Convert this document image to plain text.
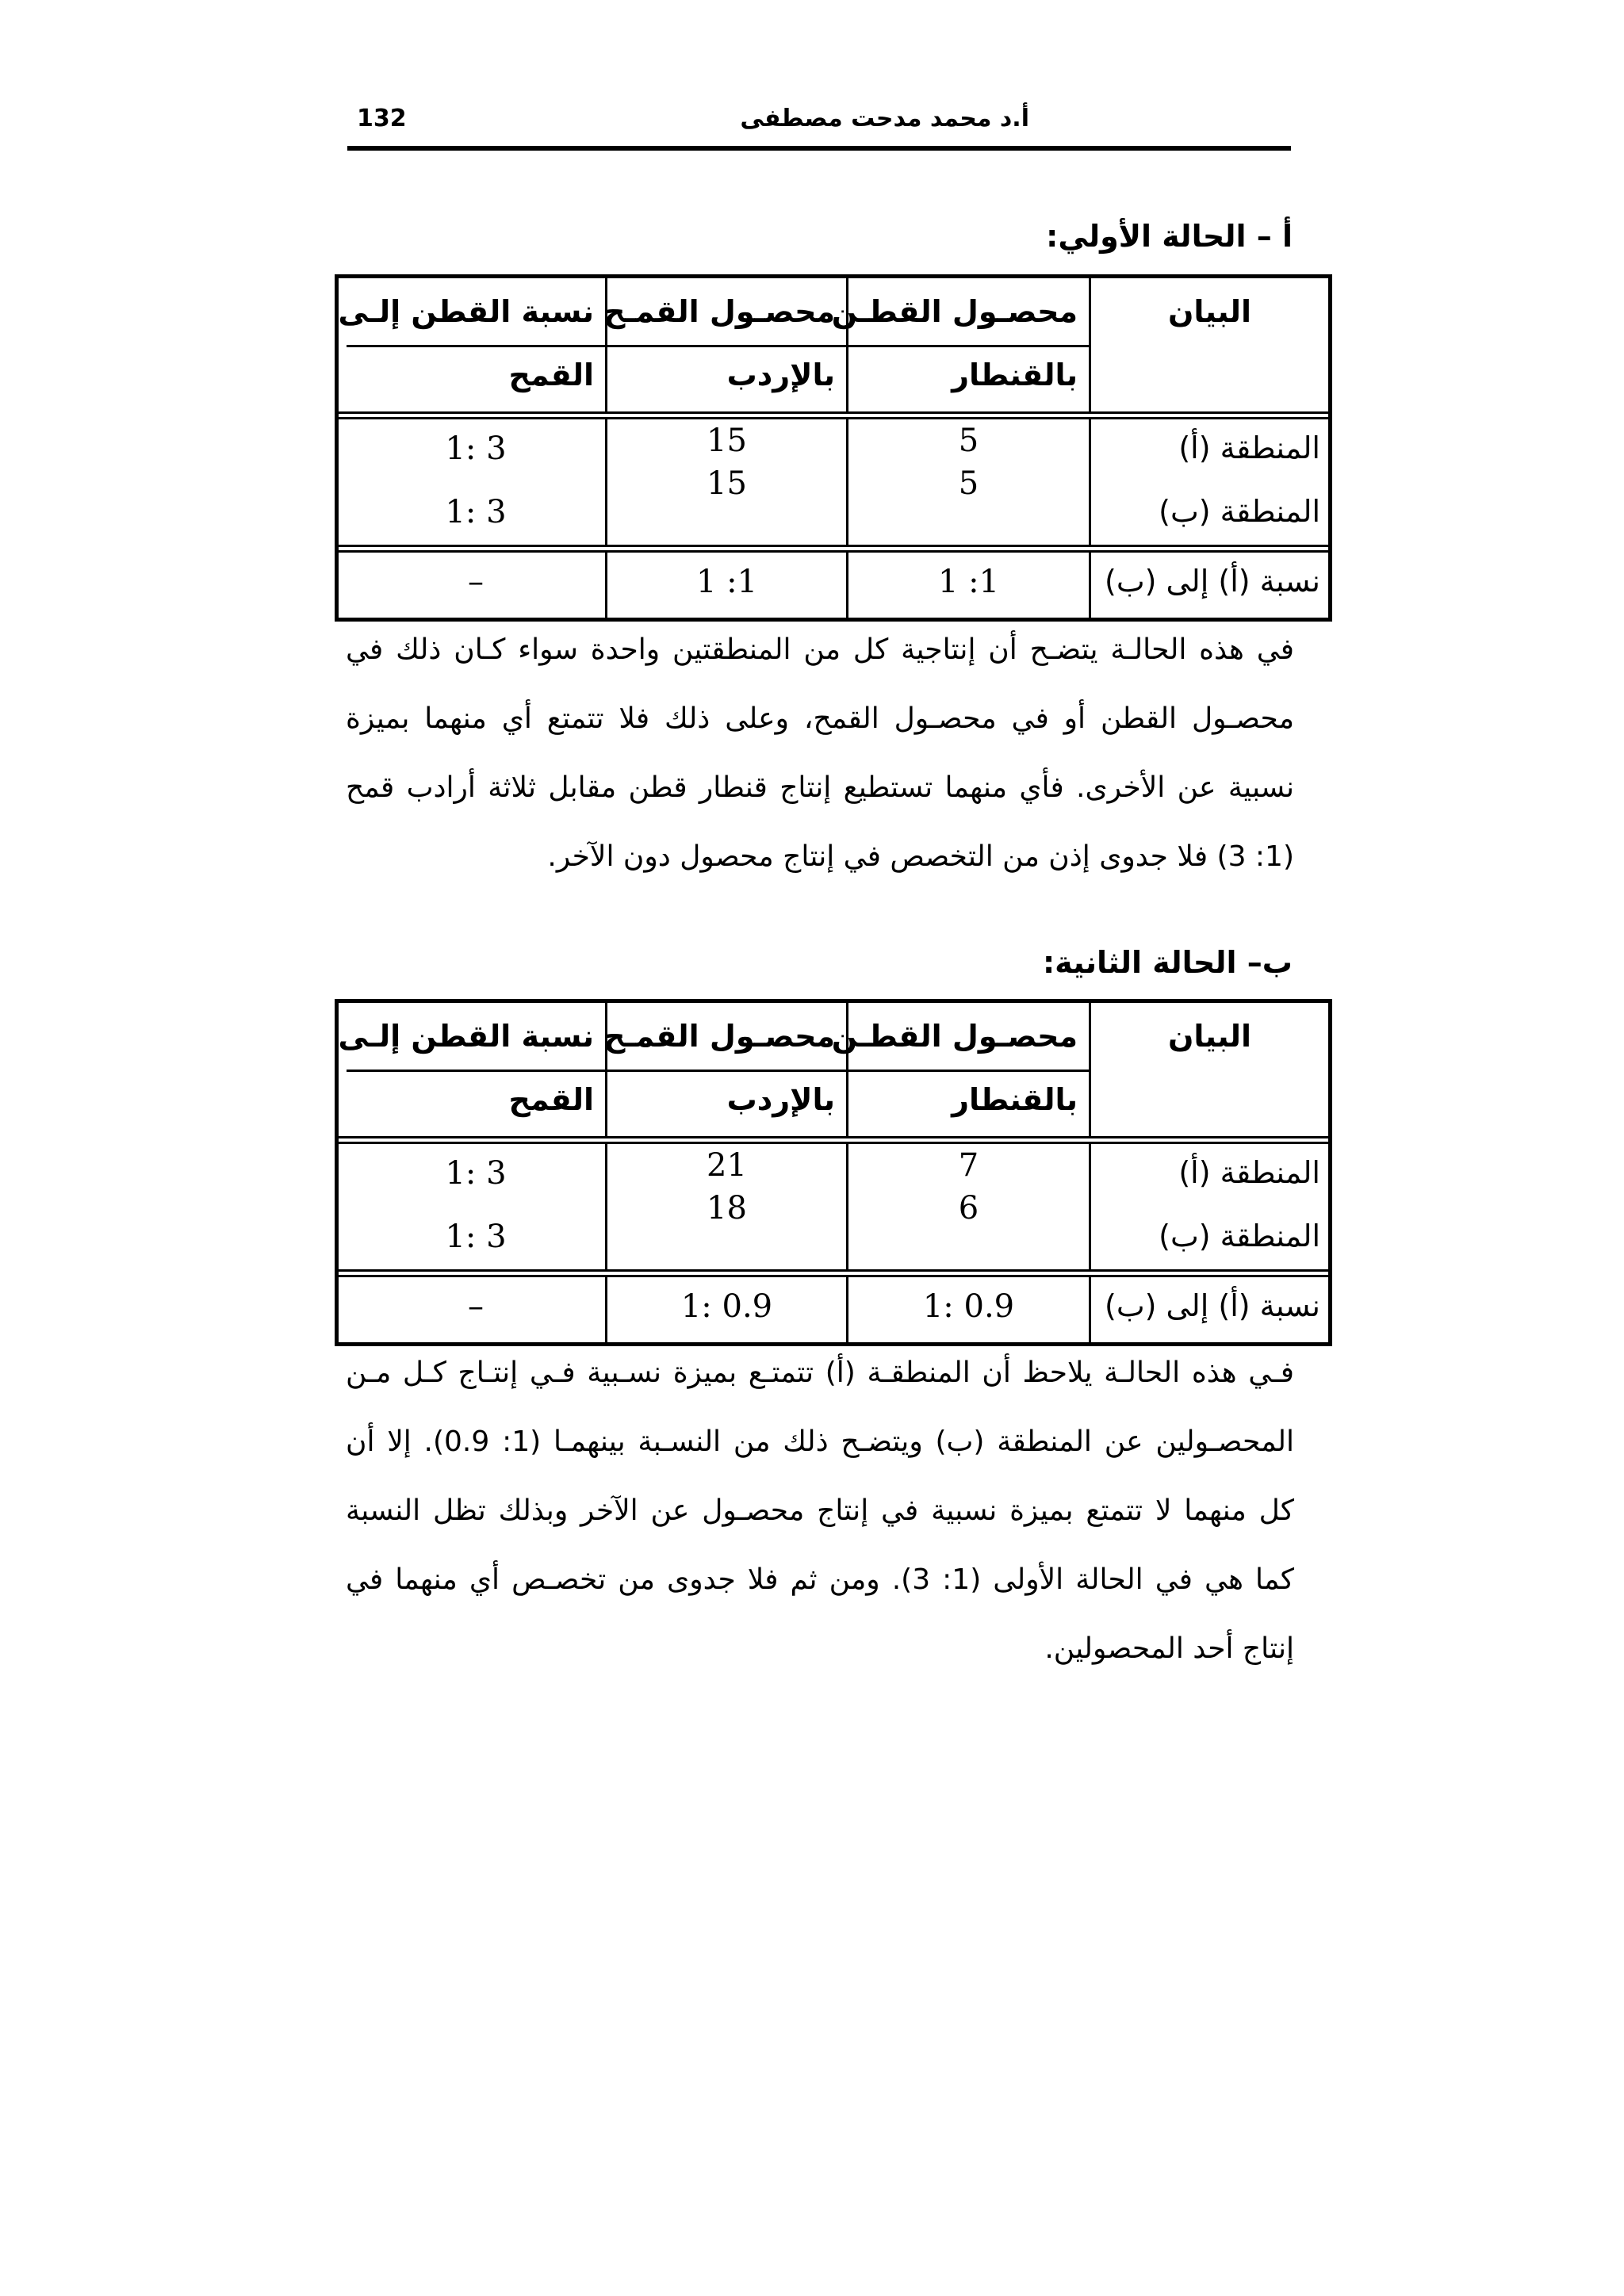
132	أ.د محمد مدحت مصطفى
أ – الحالة الأولي:
البيان
محصـول القطـن
بالقنطار
محصـول القمـح
بالإردب
نسبة القطن إلـى
القمح
المنطقة (أ)
المنطقة (ب)
5
5
15
15
1: 3
1: 3
نسبة (أ) إلى (ب)
1 :1
1 :1
–
في هذه الحالـة يتضـح أن إنتاجية كل من المنطقتين واحدة سواء كـان ذلك في محصـول القطن أو في محصـول القمح، وعلى ذلك فلا تتمتع أي منهما بميزة نسبية عن الأخرى. فأي منهما تستطيع إنتاج قنطار قطن مقابل ثلاثة أرادب قمح (1: 3) فلا جدوى إذن من التخصص في إنتاج محصول دون الآخر.
ب– الحالة الثانية:
البيان
محصـول القطـن
بالقنطار
محصـول القمـح
بالإردب
نسبة القطن إلـى
القمح
المنطقة (أ)
المنطقة (ب)
7
6
21
18
1: 3
1: 3
نسبة (أ) إلى (ب)
1: 0.9
1: 0.9
–
فـي هذه الحالـة يلاحظ أن المنطقـة (أ) تتمتـع بميزة نسـبية فـي إنتـاج كـل مـن المحصـولين عن المنطقة (ب) ويتضـح ذلك من النسـبة بينهمـا (1: 0.9). إلا أن كل منهما لا تتمتع بميزة نسبية في إنتاج محصـول عن الآخر وبذلك تظل النسبة كما هي في الحالة الأولى (1: 3). ومن ثم فلا جدوى من تخصـص أي منهما في إنتاج أحد المحصولين.
